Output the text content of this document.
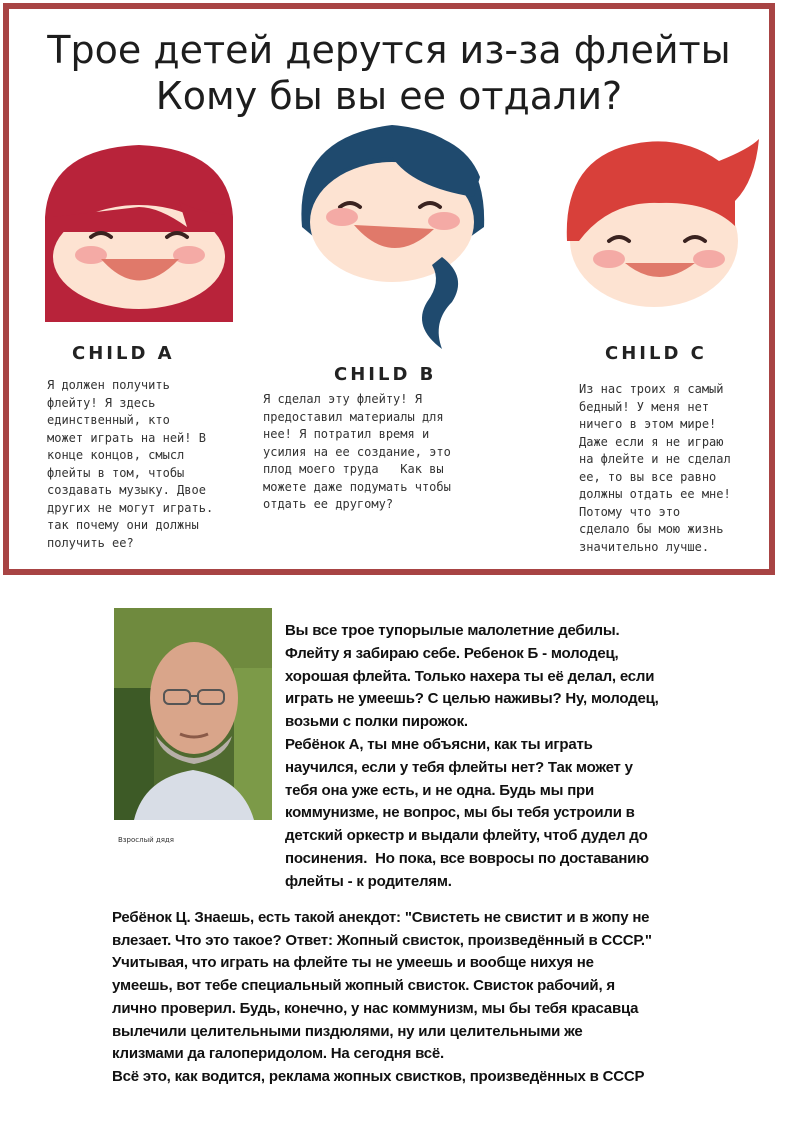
Трое детей дерутся из-за флейты
Кому бы вы ее отдали?
CHILD A
CHILD B
CHILD C
Я должен получить
флейту! Я здесь
единственный, кто
может играть на ней! В
конце концов, смысл
флейты в том, чтобы
создавать музыку. Двое
других не могут играть.
так почему они должны
получить ее?
Я сделал эту флейту! Я
предоставил материалы для
нее! Я потратил время и
усилия на ее создание, это
плод моего труда   Как вы
можете даже подумать чтобы
отдать ее другому?
Из нас троих я самый
бедный! У меня нет
ничего в этом мире!
Даже если я не играю
на флейте и не сделал
ее, то вы все равно
должны отдать ее мне!
Потому что это
сделало бы мою жизнь
значительно лучше.
Взрослый дядя
Вы все трое тупорылые малолетние дебилы.
Флейту я забираю себе. Ребенок Б - молодец,
хорошая флейта. Только нахера ты её делал, если
играть не умеешь? С целью наживы? Ну, молодец,
возьми с полки пирожок.
Ребёнок А, ты мне объясни, как ты играть
научился, если у тебя флейты нет? Так может у
тебя она уже есть, и не одна. Будь мы при
коммунизме, не вопрос, мы бы тебя устроили в
детский оркестр и выдали флейту, чтоб дудел до
посинения.  Но пока, все вовросы по доставанию
флейты - к родителям.
Ребёнок Ц. Знаешь, есть такой анекдот: "Свистеть не свистит и в жопу не
влезает. Что это такое? Ответ: Жопный свисток, произведённый в СССР."
Учитывая, что играть на флейте ты не умеешь и вообще нихуя не
умеешь, вот тебе специальный жопный свисток. Свисток рабочий, я
лично проверил. Будь, конечно, у нас коммунизм, мы бы тебя красавца
вылечили целительными пиздюлями, ну или целительными же
клизмами да галоперидолом. На сегодня всё.
Всё это, как водится, реклама жопных свистков, произведённых в СССР
